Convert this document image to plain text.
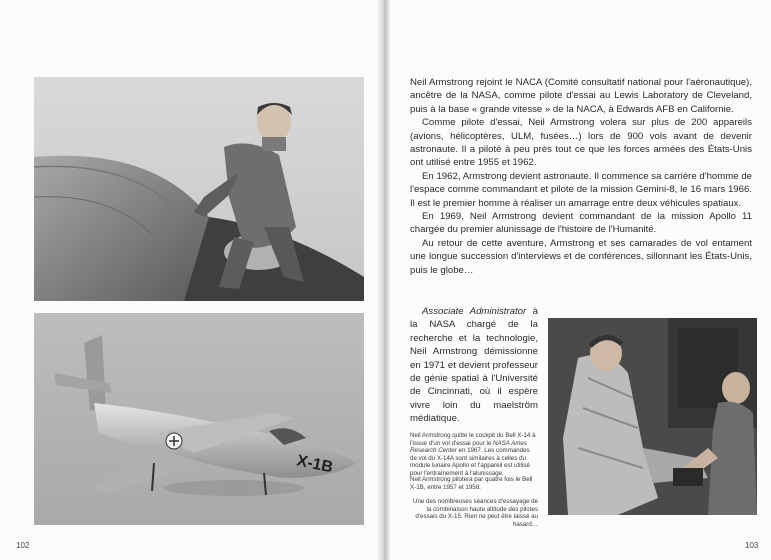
X-1B

Neil Armstrong rejoint le NACA (Comité consultatif national pour l'aéronautique), ancêtre de la NASA, comme pilote d'essai au Lewis Laboratory de Cleveland, puis à la base « grande vitesse » de la NACA, à Edwards AFB en Californie.

Comme pilote d'essai, Neil Armstrong volera sur plus de 200 appareils (avions, hélicoptères, ULM, fusées…) lors de 900 vols avant de devenir astronaute. Il a piloté à peu près tout ce que les forces armées des États-Unis ont utilisé entre 1955 et 1962.

En 1962, Armstrong devient astronaute. Il commence sa carrière d'homme de l'espace comme commandant et pilote de la mission Gemini-8, le 16 mars 1966. Il est le premier homme à réaliser un amarrage entre deux véhicules spatiaux.

En 1969, Neil Armstrong devient commandant de la mission Apollo 11 chargée du premier alunissage de l'histoire de l'Humanité.

Au retour de cette aventure, Armstrong et ses camarades de vol entament une longue succession d'interviews et de conférences, sillonnant les États-Unis, puis le globe…

Associate Administrator à la NASA chargé de la recherche et la technologie, Neil Armstrong démissionne en 1971 et devient professeur de génie spatial à l'Université de Cincinnati, où il espère vivre loin du maelström médiatique.

Neil Armstrong quitte le cockpit du Bell X-14 à l'issue d'un vol d'essai pour le NASA Ames Research Center en 1967. Les commandes de vol du X-14A sont similaires à celles du module lunaire Apollo et l'appareil est utilisé pour l'entraînement à l'alunissage.
Neil Armstrong pilotera par quatre fois le Bell X-1B, entre 1957 et 1958.
Une des nombreuses séances d'essayage de la combinaison haute altitude des pilotes d'essais du X-15. Rien ne peut être laissé au hasard…
102	103
